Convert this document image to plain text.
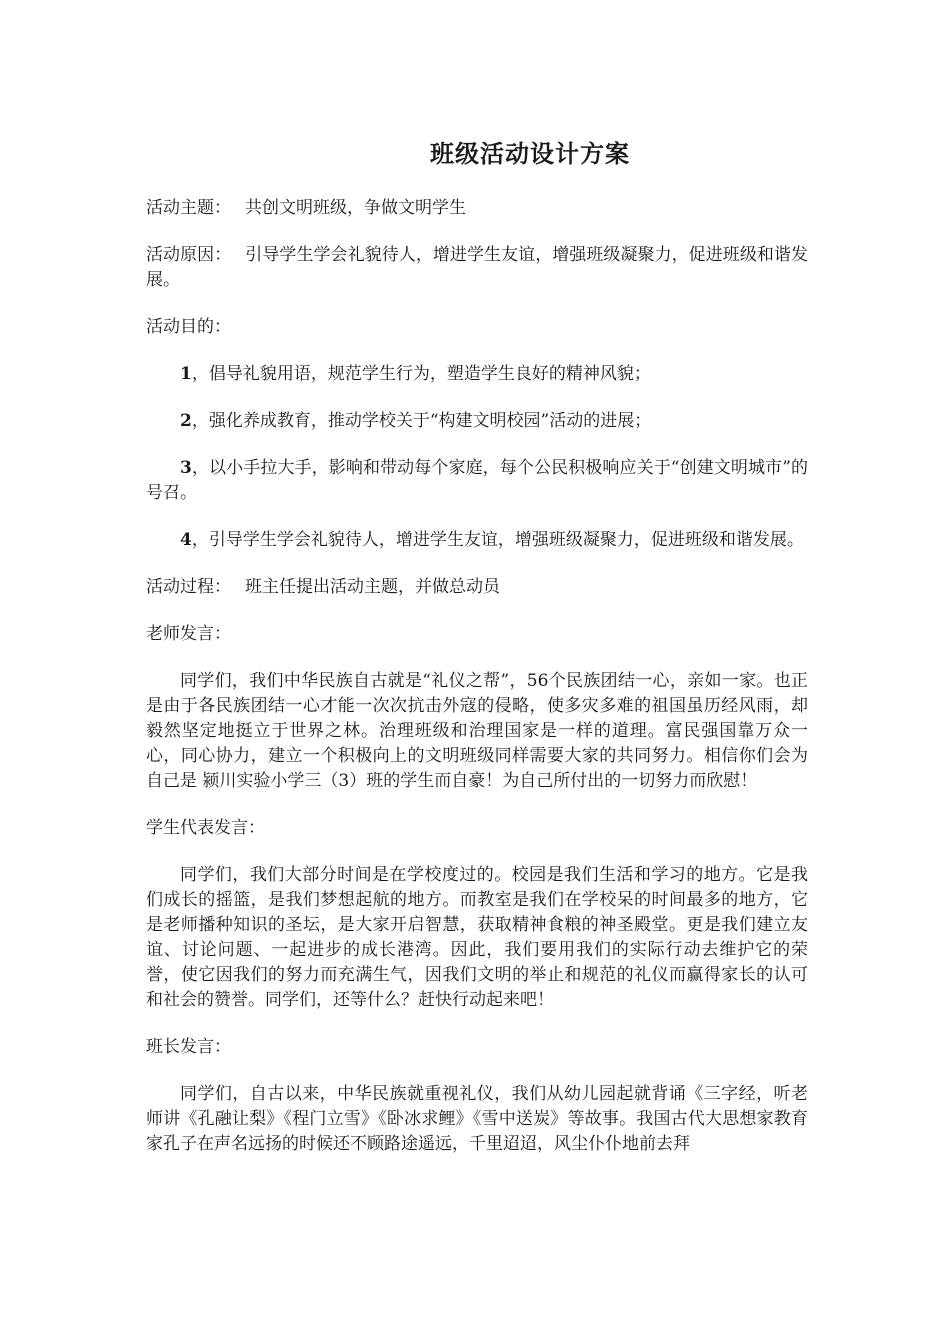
班级活动设计方案

活动主题： 共创文明班级，争做文明学生

活动原因： 引导学生学会礼貌待人，增进学生友谊，增强班级凝聚力，促进班级和谐发展。

活动目的：

1，倡导礼貌用语，规范学生行为，塑造学生良好的精神风貌；

2，强化养成教育，推动学校关于“构建文明校园”活动的进展；

3，以小手拉大手，影响和带动每个家庭，每个公民积极响应关于“创建文明城市”的号召。

4，引导学生学会礼貌待人，增进学生友谊，增强班级凝聚力，促进班级和谐发展。

活动过程： 班主任提出活动主题，并做总动员

老师发言：

同学们，我们中华民族自古就是“礼仪之帮”，56个民族团结一心，亲如一家。也正是由于各民族团结一心才能一次次抗击外寇的侵略，使多灾多难的祖国虽历经风雨，却毅然坚定地挺立于世界之林。治理班级和治理国家是一样的道理。富民强国靠万众一心，同心协力，建立一个积极向上的文明班级同样需要大家的共同努力。相信你们会为自己是 颍川实验小学三（3）班的学生而自豪！为自己所付出的一切努力而欣慰！

学生代表发言：

同学们，我们大部分时间是在学校度过的。校园是我们生活和学习的地方。它是我们成长的摇篮，是我们梦想起航的地方。而教室是我们在学校呆的时间最多的地方，它是老师播种知识的圣坛，是大家开启智慧，获取精神食粮的神圣殿堂。更是我们建立友谊、讨论问题、一起进步的成长港湾。因此，我们要用我们的实际行动去维护它的荣誉，使它因我们的努力而充满生气，因我们文明的举止和规范的礼仪而赢得家长的认可和社会的赞誉。同学们，还等什么？赶快行动起来吧！

班长发言：

同学们，自古以来，中华民族就重视礼仪，我们从幼儿园起就背诵《三字经，听老师讲《孔融让梨》《程门立雪》《卧冰求鲤》《雪中送炭》等故事。我国古代大思想家教育家孔子在声名远扬的时候还不顾路途遥远，千里迢迢，风尘仆仆地前去拜
